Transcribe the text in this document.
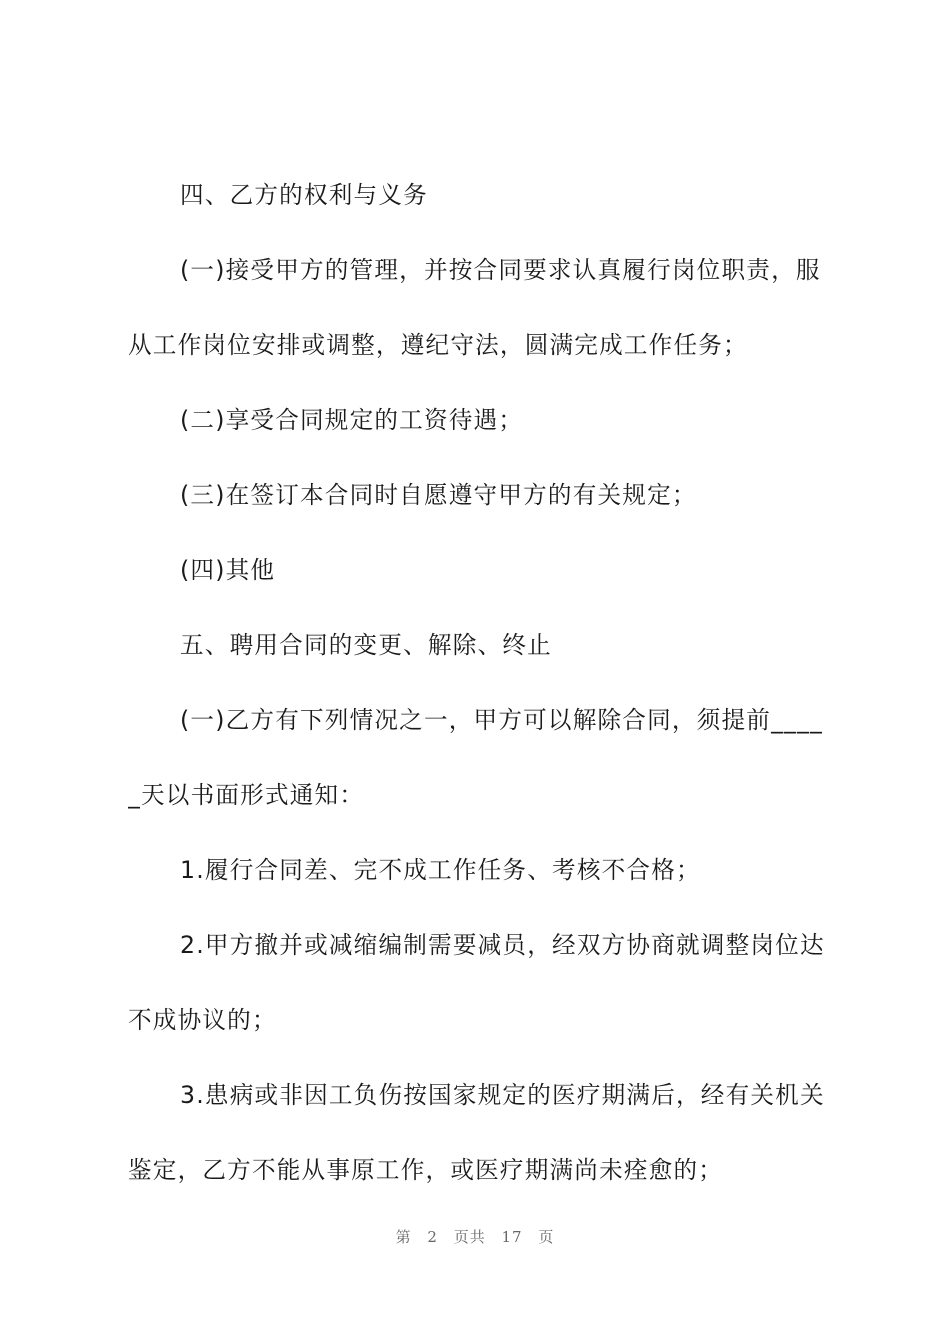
四、乙方的权利与义务
(一)接受甲方的管理，并按合同要求认真履行岗位职责，服
从工作岗位安排或调整，遵纪守法，圆满完成工作任务；
(二)享受合同规定的工资待遇；
(三)在签订本合同时自愿遵守甲方的有关规定；
(四)其他
五、聘用合同的变更、解除、终止
(一)乙方有下列情况之一，甲方可以解除合同，须提前____
_天以书面形式通知：
1.履行合同差、完不成工作任务、考核不合格；
2.甲方撤并或减缩编制需要减员，经双方协商就调整岗位达
不成协议的；
3.患病或非因工负伤按国家规定的医疗期满后，经有关机关
鉴定，乙方不能从事原工作，或医疗期满尚未痊愈的；
第 2 页共 17 页
